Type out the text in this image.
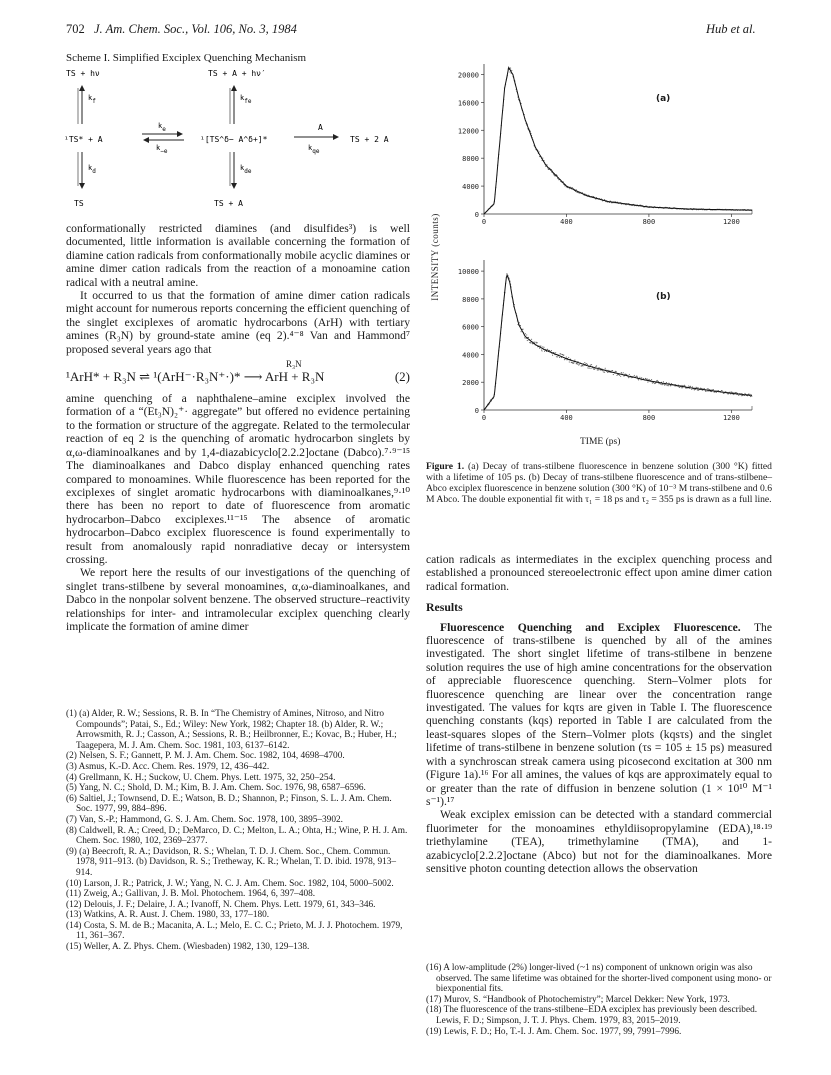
702 J. Am. Chem. Soc., Vol. 106, No. 3, 1984	Hub et al.
Scheme I. Simplified Exciplex Quenching Mechanism
TS + hν	TS + A + hν′
kf	kfe
¹TS* + A
ke
k−e
¹[TS^δ− A^δ+]*
A
kqe
TS + 2 A
kd	kde
TS	TS + A

conformationally restricted diamines (and disulfides³) is well documented, little information is available concerning the formation of diamine cation radicals from conformationally mobile acyclic diamines or amine dimer cation radicals from the reaction of a monoamine cation radical with a neutral amine.

It occurred to us that the formation of amine dimer cation radicals might account for numerous reports concerning the efficient quenching of the singlet exciplexes of aromatic hydrocarbons (ArH) with tertiary amines (R₃N) by ground-state amine (eq 2).⁴⁻⁸ Van and Hammond⁷ proposed several years ago that

R₃N
¹ArH* + R₃N ⇌ ¹(ArH⁻·R₃N⁺·)* ⟶ ArH + R₃N	(2)

amine quenching of a naphthalene–amine exciplex involved the formation of a “(Et₃N)₂⁺· aggregate” but offered no evidence pertaining to the formation or structure of the aggregate. Related to the termolecular reaction of eq 2 is the quenching of aromatic hydrocarbon singlets by α,ω-diaminoalkanes and by 1,4-diazabicyclo[2.2.2]octane (Dabco).⁷·⁹⁻¹⁵ The diaminoalkanes and Dabco display enhanced quenching rates compared to monoamines. While fluorescence has been reported for the exciplexes of singlet aromatic hydrocarbons with diaminoalkanes,⁹·¹⁰ there has been no report to date of fluorescence from aromatic hydrocarbon–Dabco exciplexes.¹¹⁻¹⁵ The absence of aromatic hydrocarbon–Dabco exciplex fluorescence is found experimentally to result from anomalously rapid nonradiative decay or intersystem crossing.

We report here the results of our investigations of the quenching of singlet trans-stilbene by several monoamines, α,ω-diaminoalkanes, and Dabco in the nonpolar solvent benzene. The observed structure–reactivity relationships for inter- and intramolecular exciplex quenching clearly implicate the formation of amine dimer

(1) (a) Alder, R. W.; Sessions, R. B. In “The Chemistry of Amines, Nitroso, and Nitro Compounds”; Patai, S., Ed.; Wiley: New York, 1982; Chapter 18. (b) Alder, R. W.; Arrowsmith, R. J.; Casson, A.; Sessions, R. B.; Heilbronner, E.; Kovac, B.; Huber, H.; Taagepera, M. J. Am. Chem. Soc. 1981, 103, 6137–6142.

(2) Nelsen, S. F.; Gannett, P. M. J. Am. Chem. Soc. 1982, 104, 4698–4700.

(3) Asmus, K.-D. Acc. Chem. Res. 1979, 12, 436–442.

(4) Grellmann, K. H.; Suckow, U. Chem. Phys. Lett. 1975, 32, 250–254.

(5) Yang, N. C.; Shold, D. M.; Kim, B. J. Am. Chem. Soc. 1976, 98, 6587–6596.

(6) Saltiel, J.; Townsend, D. E.; Watson, B. D.; Shannon, P.; Finson, S. L. J. Am. Chem. Soc. 1977, 99, 884–896.

(7) Van, S.-P.; Hammond, G. S. J. Am. Chem. Soc. 1978, 100, 3895–3902.

(8) Caldwell, R. A.; Creed, D.; DeMarco, D. C.; Melton, L. A.; Ohta, H.; Wine, P. H. J. Am. Chem. Soc. 1980, 102, 2369–2377.

(9) (a) Beecroft, R. A.; Davidson, R. S.; Whelan, T. D. J. Chem. Soc., Chem. Commun. 1978, 911–913. (b) Davidson, R. S.; Tretheway, K. R.; Whelan, T. D. ibid. 1978, 913–914.

(10) Larson, J. R.; Patrick, J. W.; Yang, N. C. J. Am. Chem. Soc. 1982, 104, 5000–5002.

(11) Zweig, A.; Gallivan, J. B. Mol. Photochem. 1964, 6, 397–408.

(12) Delouis, J. F.; Delaire, J. A.; Ivanoff, N. Chem. Phys. Lett. 1979, 61, 343–346.

(13) Watkins, A. R. Aust. J. Chem. 1980, 33, 177–180.

(14) Costa, S. M. de B.; Macanita, A. L.; Melo, E. C. C.; Prieto, M. J. J. Photochem. 1979, 11, 361–367.

(15) Weller, A. Z. Phys. Chem. (Wiesbaden) 1982, 130, 129–138.

INTENSITY (counts)	0
4000
8000
12000
16000
20000
0	400	800	1200
0
2000
4000
6000
8000
10000
0	400	800	1200
(a)
(b)
TIME (ps)
Figure 1. (a) Decay of trans-stilbene fluorescence in benzene solution (300 °K) fitted with a lifetime of 105 ps. (b) Decay of trans-stilbene fluorescence and of trans-stilbene–Abco exciplex fluorescence in benzene solution (300 °K) of 10⁻³ M trans-stilbene and 0.6 M Abco. The double exponential fit with τ₁ = 18 ps and τ₂ = 355 ps is drawn as a full line.

cation radicals as intermediates in the exciplex quenching process and established a pronounced stereoelectronic effect upon amine dimer cation radical formation.

Results

Fluorescence Quenching and Exciplex Fluorescence. The fluorescence of trans-stilbene is quenched by all of the amines investigated. The short singlet lifetime of trans-stilbene in benzene solution requires the use of high amine concentrations for the observation of appreciable fluorescence quenching. Stern–Volmer plots for fluorescence quenching are linear over the concentration range investigated. The values for kqτs are given in Table I. The fluorescence quenching constants (kqs) reported in Table I are calculated from the least-squares slopes of the Stern–Volmer plots (kqsτs) and the singlet lifetime of trans-stilbene in benzene solution (τs = 105 ± 15 ps) measured with a synchroscan streak camera using picosecond excitation at 300 nm (Figure 1a).¹⁶ For all amines, the values of kqs are approximately equal to or greater than the rate of diffusion in benzene solution (1 × 10¹⁰ M⁻¹ s⁻¹).¹⁷

Weak exciplex emission can be detected with a standard commercial fluorimeter for the monoamines ethyldiisopropylamine (EDA),¹⁸·¹⁹ triethylamine (TEA), trimethylamine (TMA), and 1-azabicyclo[2.2.2]octane (Abco) but not for the diaminoalkanes. More sensitive photon counting detection allows the observation

(16) A low-amplitude (2%) longer-lived (~1 ns) component of unknown origin was also observed. The same lifetime was obtained for the shorter-lived component using mono- or biexponential fits.

(17) Murov, S. “Handbook of Photochemistry”; Marcel Dekker: New York, 1973.

(18) The fluorescence of the trans-stilbene–EDA exciplex has previously been described. Lewis, F. D.; Simpson, J. T. J. Phys. Chem. 1979, 83, 2015–2019.

(19) Lewis, F. D.; Ho, T.-I. J. Am. Chem. Soc. 1977, 99, 7991–7996.
